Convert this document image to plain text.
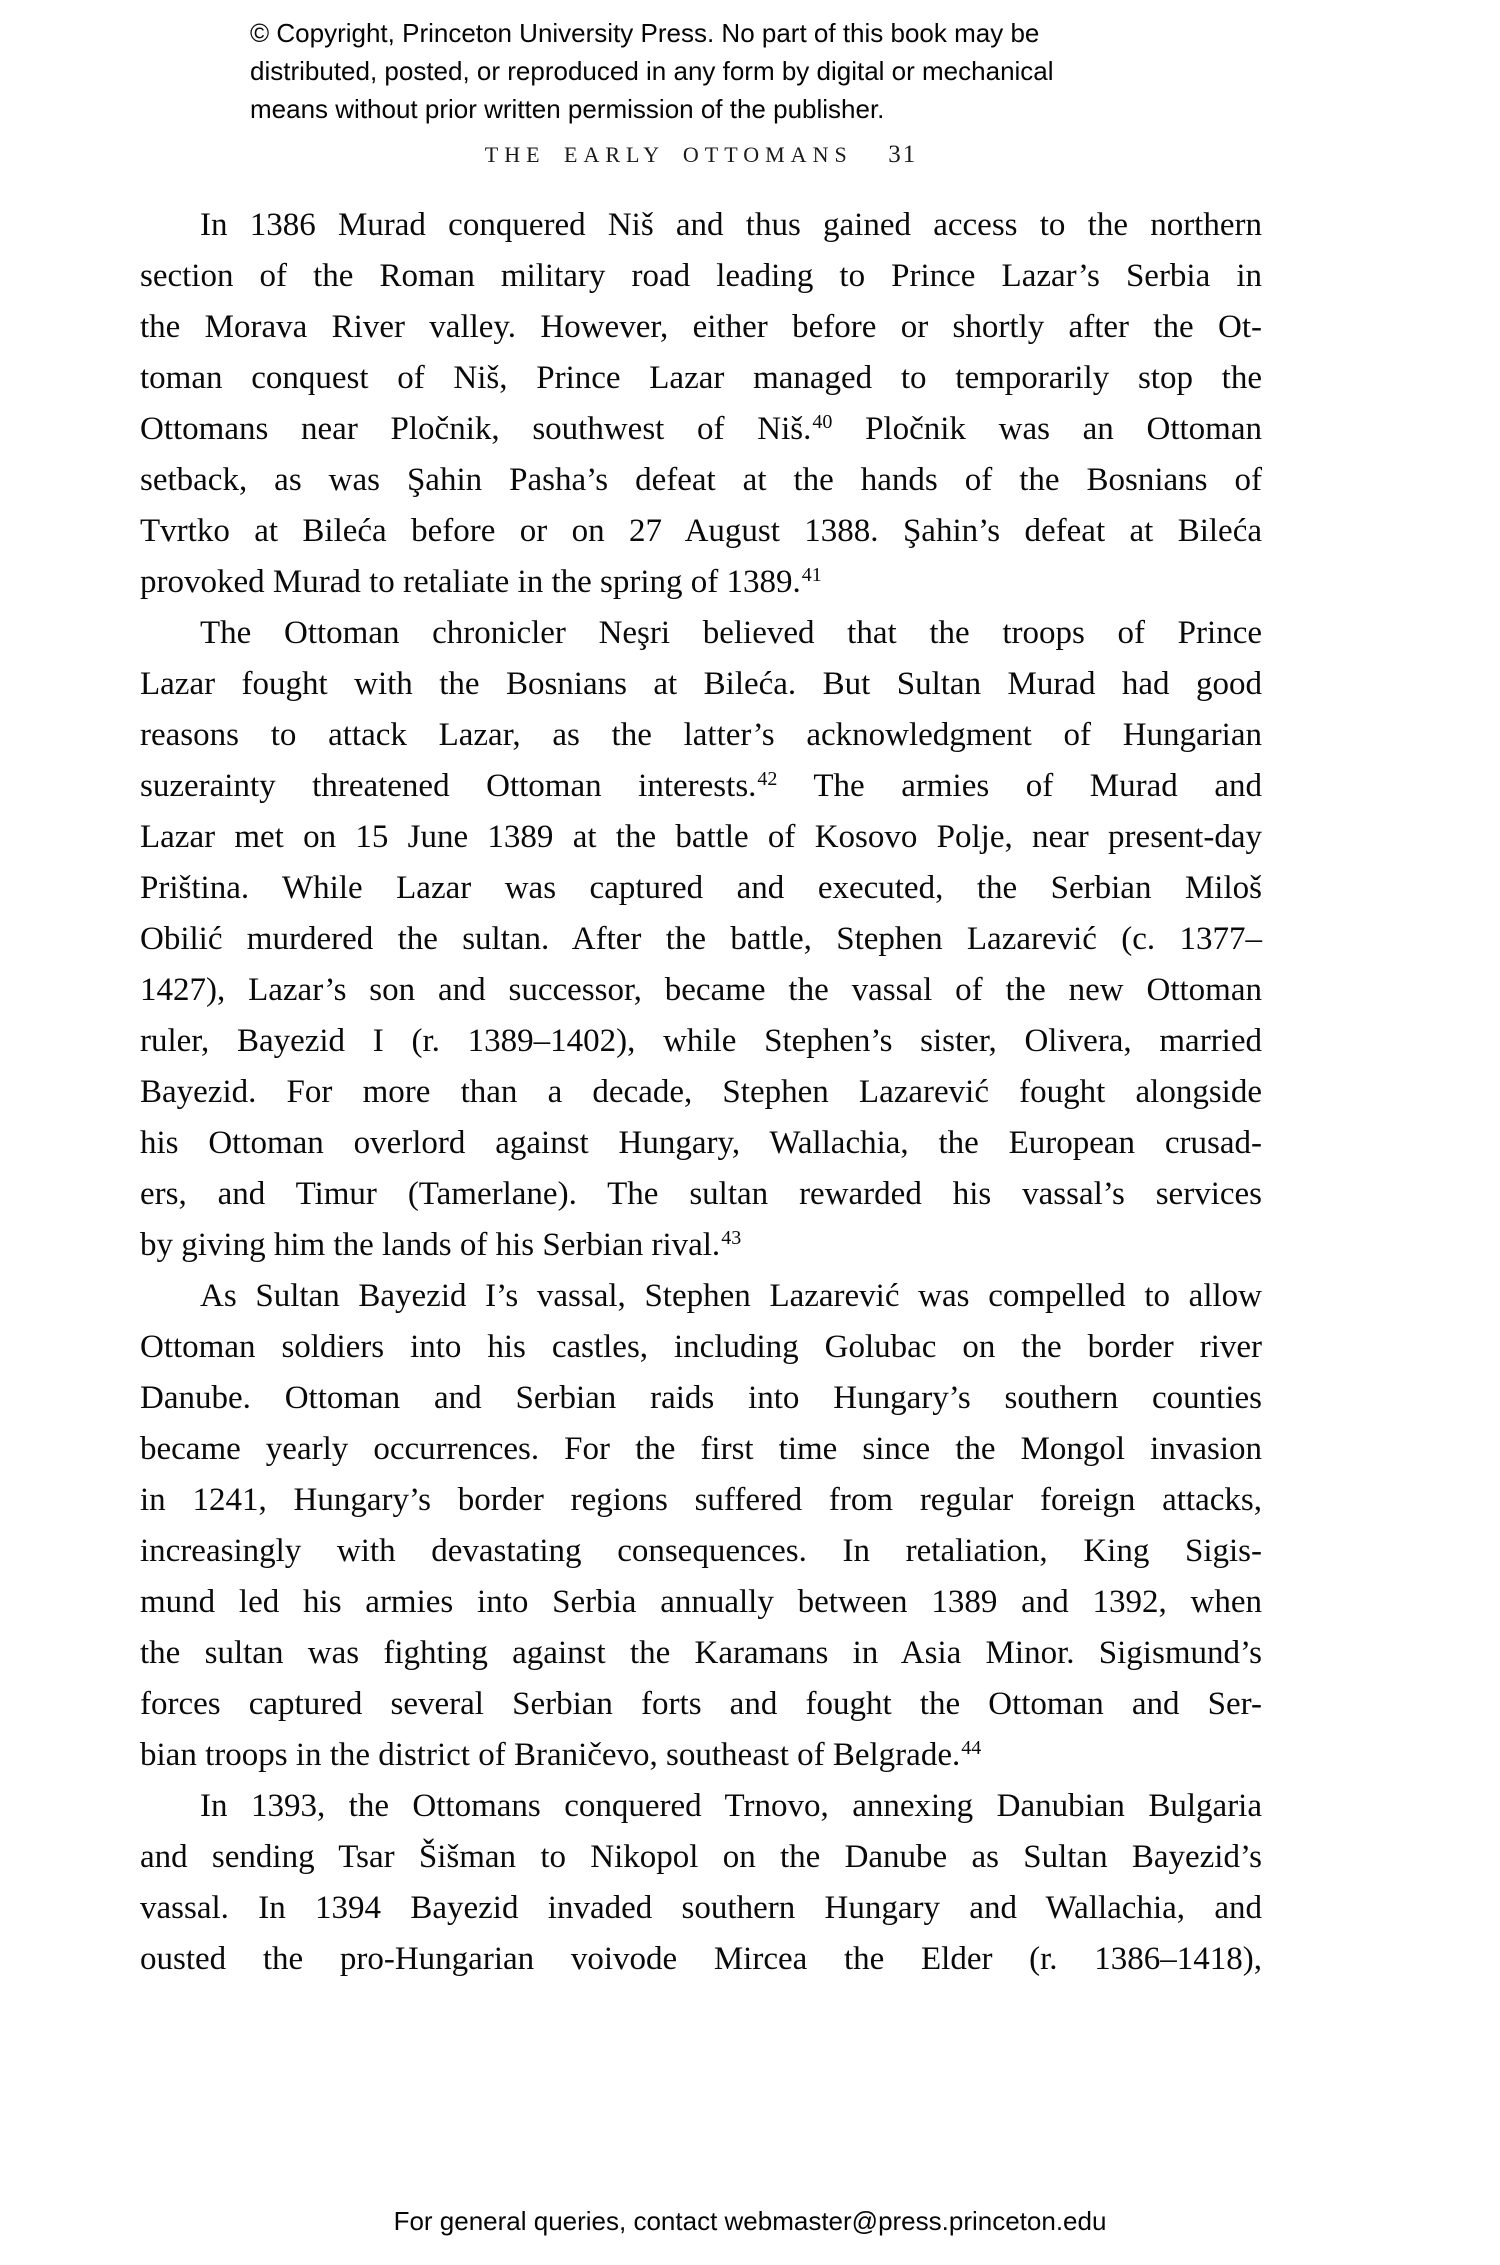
© Copyright, Princeton University Press. No part of this book may be
distributed, posted, or reproduced in any form by digital or mechanical
means without prior written permission of the publisher.
THE EARLY OTTOMANS 31
In 1386 Murad conquered Niš and thus gained access to the northern
section of the Roman military road leading to Prince Lazar’s Serbia in
the Morava River valley. However, either before or shortly after the Ot-
toman conquest of Niš, Prince Lazar managed to temporarily stop the
Ottomans near Pločnik, southwest of Niš.$^{40}$ Pločnik was an Ottoman
setback, as was Şahin Pasha’s defeat at the hands of the Bosnians of
Tvrtko at Bileća before or on 27 August 1388. Şahin’s defeat at Bileća
provoked Murad to retaliate in the spring of 1389.41
The Ottoman chronicler Neşri believed that the troops of Prince
Lazar fought with the Bosnians at Bileća. But Sultan Murad had good
reasons to attack Lazar, as the latter’s acknowledgment of Hungarian
suzerainty threatened Ottoman interests.$^{42}$ The armies of Murad and
Lazar met on 15 June 1389 at the battle of Kosovo Polje, near present-day
Priština. While Lazar was captured and executed, the Serbian Miloš
Obilić murdered the sultan. After the battle, Stephen Lazarević (c. 1377–
1427), Lazar’s son and successor, became the vassal of the new Ottoman
ruler, Bayezid I (r. 1389–1402), while Stephen’s sister, Olivera, married
Bayezid. For more than a decade, Stephen Lazarević fought alongside
his Ottoman overlord against Hungary, Wallachia, the European crusad-
ers, and Timur (Tamerlane). The sultan rewarded his vassal’s services
by giving him the lands of his Serbian rival.$^{43}$
As Sultan Bayezid I’s vassal, Stephen Lazarević was compelled to allow
Ottoman soldiers into his castles, including Golubac on the border river
Danube. Ottoman and Serbian raids into Hungary’s southern counties
became yearly occurrences. For the first time since the Mongol invasion
in 1241, Hungary’s border regions suffered from regular foreign attacks,
increasingly with devastating consequences. In retaliation, King Sigis-
mund led his armies into Serbia annually between 1389 and 1392, when
the sultan was fighting against the Karamans in Asia Minor. Sigismund’s
forces captured several Serbian forts and fought the Ottoman and Ser-
bian troops in the district of Braničevo, southeast of Belgrade.$^{44}$
In 1393, the Ottomans conquered Trnovo, annexing Danubian Bulgaria
and sending Tsar Šišman to Nikopol on the Danube as Sultan Bayezid’s
vassal. In 1394 Bayezid invaded southern Hungary and Wallachia, and
ousted the pro-Hungarian voivode Mircea the Elder (r. 1386–1418),
For general queries, contact webmaster@press.princeton.edu
